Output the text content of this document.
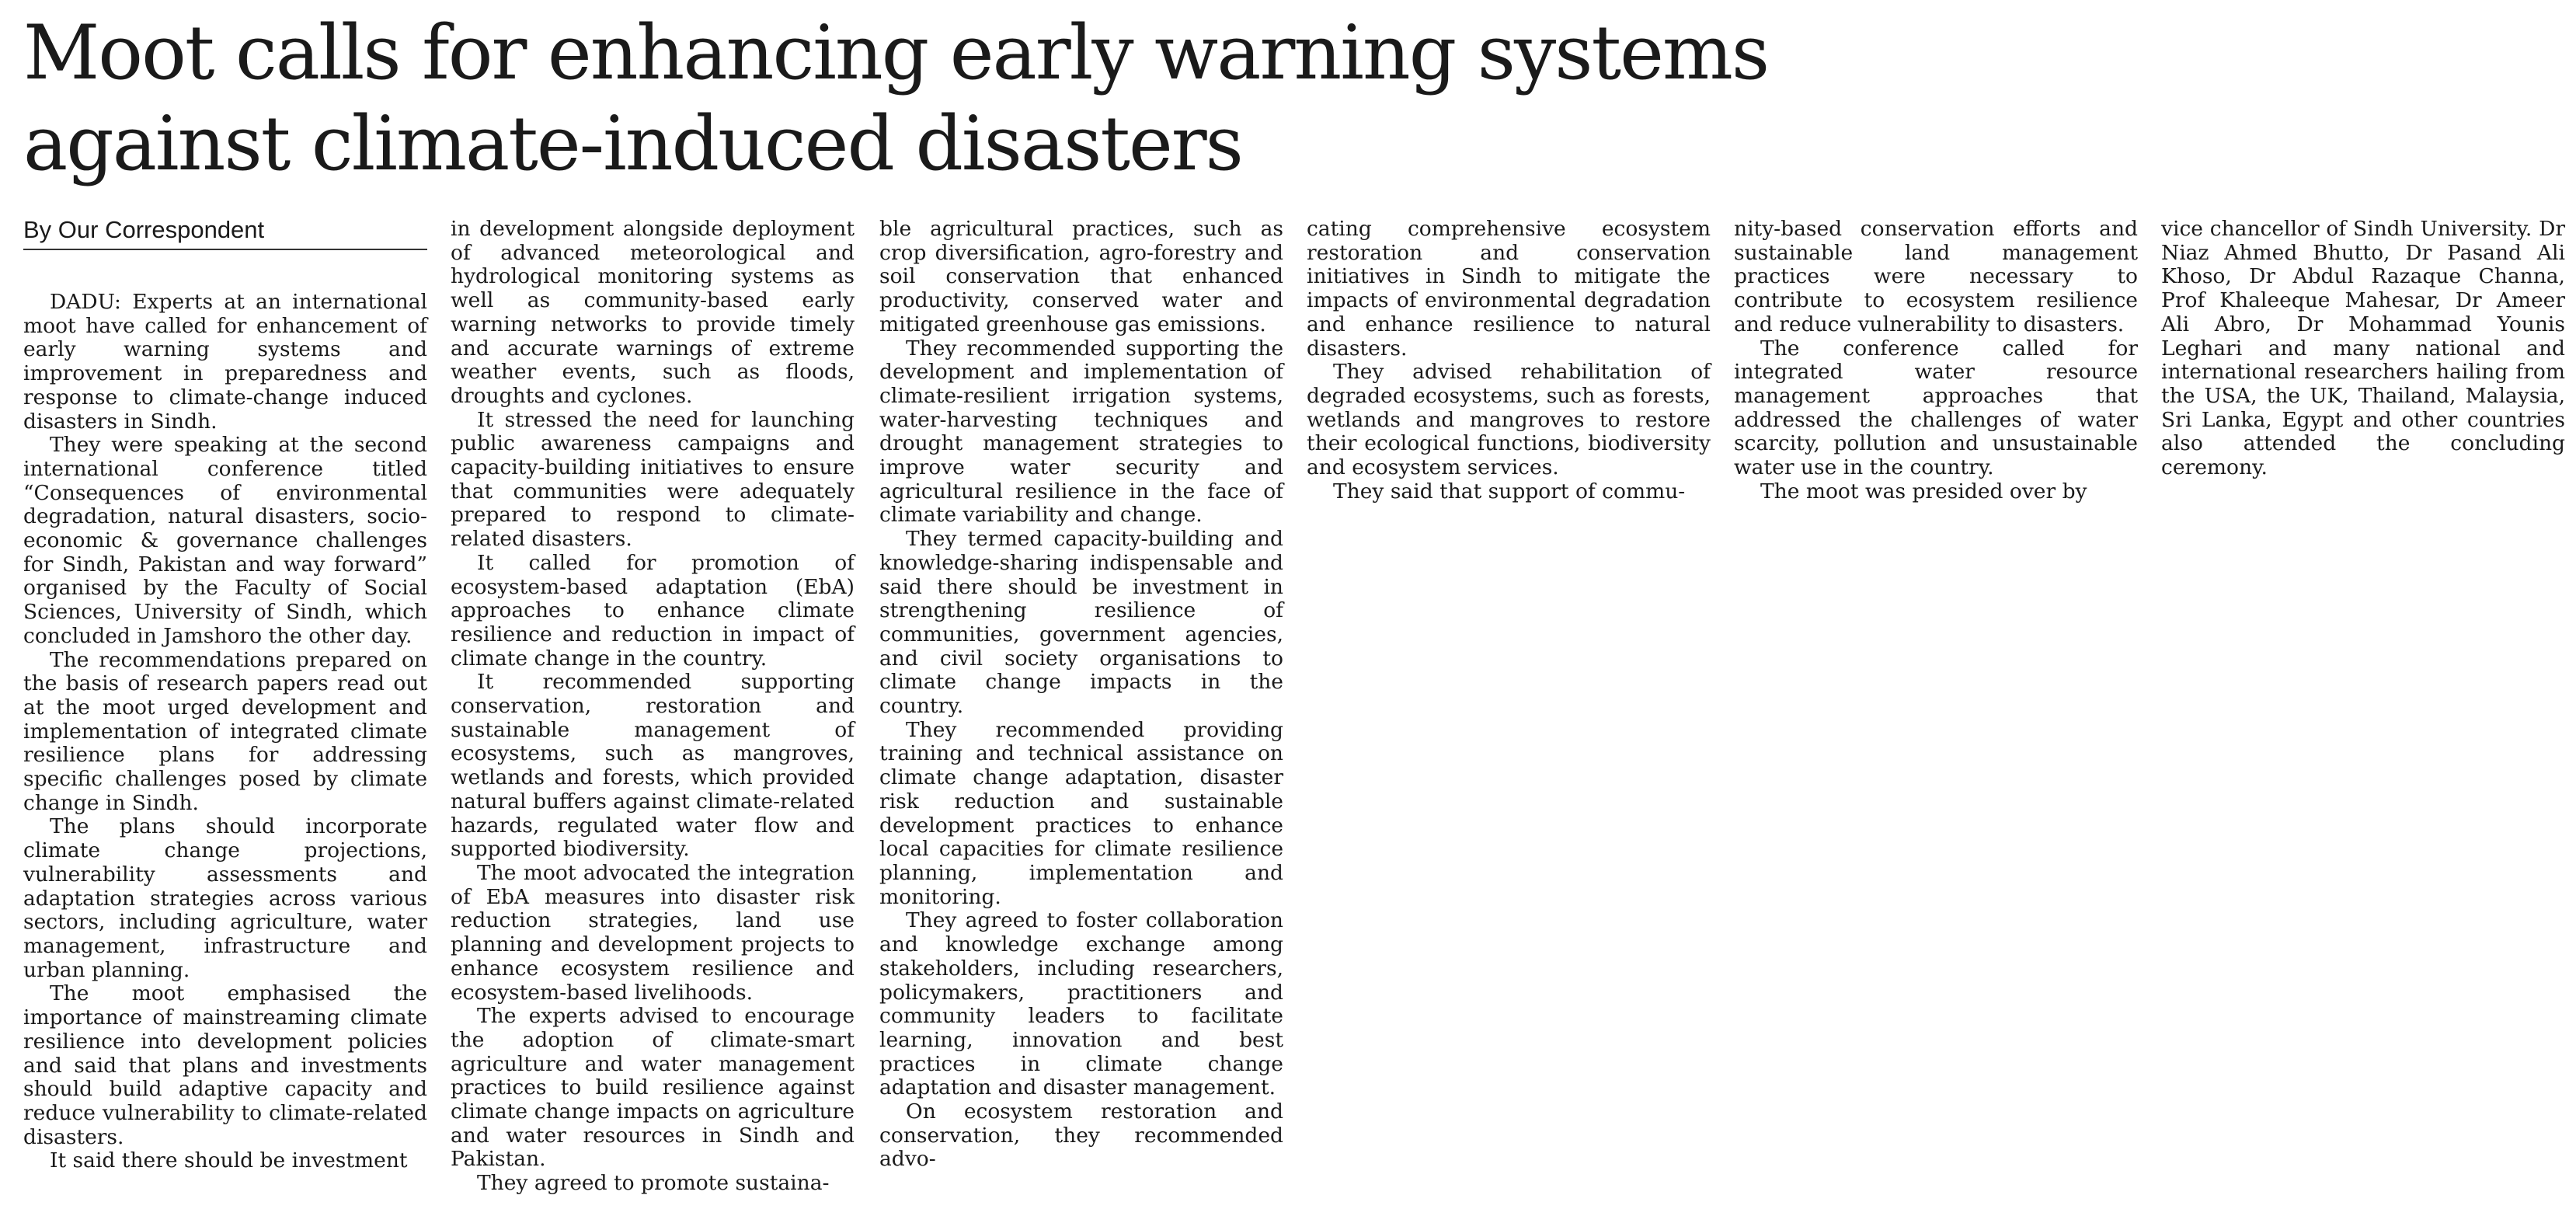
Moot calls for enhancing early warning systems
against climate-induced disasters
By Our Correspondent

DADU: Experts at an international moot have called for enhancement of early warning systems and improvement in preparedness and response to climate-change induced disasters in Sindh.

They were speaking at the second international conference titled “Consequences of environmental degradation, natural disasters, socio-economic & governance challenges for Sindh, Pakistan and way forward” organised by the Faculty of Social Sciences, University of Sindh, which concluded in Jamshoro the other day.

The recommendations prepared on the basis of research papers read out at the moot urged development and implementation of integrated climate resilience plans for addressing specific challenges posed by climate change in Sindh.

The plans should incorporate climate change projections, vulnerability assessments and adaptation strategies across various sectors, including agriculture, water management, infrastructure and urban planning.

The moot emphasised the importance of mainstreaming climate resilience into development policies and said that plans and investments should build adaptive capacity and reduce vulnerability to climate-related disasters.

It said there should be investment

in development alongside deployment of advanced meteorological and hydrological monitoring systems as well as community-based early warning networks to provide timely and accurate warnings of extreme weather events, such as floods, droughts and cyclones.

It stressed the need for launching public awareness campaigns and capacity-building initiatives to ensure that communities were adequately prepared to respond to climate-related disasters.

It called for promotion of ecosystem-based adaptation (EbA) approaches to enhance climate resilience and reduction in impact of climate change in the country.

It recommended supporting conservation, restoration and sustainable management of ecosystems, such as mangroves, wetlands and forests, which provided natural buffers against climate-related hazards, regulated water flow and supported biodiversity.

The moot advocated the integration of EbA measures into disaster risk reduction strategies, land use planning and development projects to enhance ecosystem resilience and ecosystem-based livelihoods.

The experts advised to encourage the adoption of climate-smart agriculture and water management practices to build resilience against climate change impacts on agriculture and water resources in Sindh and Pakistan.

They agreed to promote sustaina-

ble agricultural practices, such as crop diversification, agro-forestry and soil conservation that enhanced productivity, conserved water and mitigated greenhouse gas emissions.

They recommended supporting the development and implementation of climate-resilient irrigation systems, water-harvesting techniques and drought management strategies to improve water security and agricultural resilience in the face of climate variability and change.

They termed capacity-building and knowledge-sharing indispensable and said there should be investment in strengthening resilience of communities, government agencies, and civil society organisations to climate change impacts in the country.

They recommended providing training and technical assistance on climate change adaptation, disaster risk reduction and sustainable development practices to enhance local capacities for climate resilience planning, implementation and monitoring.

They agreed to foster collaboration and knowledge exchange among stakeholders, including researchers, policymakers, practitioners and community leaders to facilitate learning, innovation and best practices in climate change adaptation and disaster management.

On ecosystem restoration and conservation, they recommended advo-

cating comprehensive ecosystem restoration and conservation initiatives in Sindh to mitigate the impacts of environmental degradation and enhance resilience to natural disasters.

They advised rehabilitation of degraded ecosystems, such as forests, wetlands and mangroves to restore their ecological functions, biodiversity and ecosystem services.

They said that support of commu-

nity-based conservation efforts and sustainable land management practices were necessary to contribute to ecosystem resilience and reduce vulnerability to disasters.

The conference called for integrated water resource management approaches that addressed the challenges of water scarcity, pollution and unsustainable water use in the country.

The moot was presided over by

vice chancellor of Sindh University. Dr Niaz Ahmed Bhutto, Dr Pasand Ali Khoso, Dr Abdul Razaque Channa, Prof Khaleeque Mahesar, Dr Ameer Ali Abro, Dr Mohammad Younis Leghari and many national and international researchers hailing from the USA, the UK, Thailand, Malaysia, Sri Lanka, Egypt and other countries also attended the concluding ceremony.
